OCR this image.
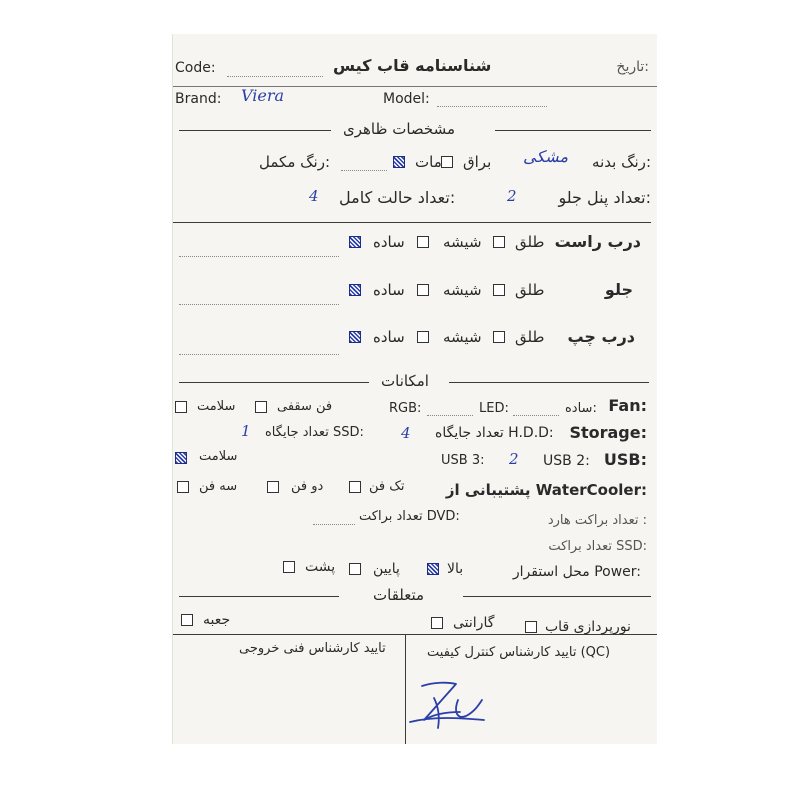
تاریخ:
شناسنامه قاب کیس
Code:
Brand: Viera	Model:
مشخصات ظاهری
رنگ بدنه:
مشکی
براق
مات
رنگ مکمل:
تعداد پنل جلو:
2
تعداد حالت کامل:
4
درب راست
طلق
شیشه
ساده
جلو
طلق
شیشه
ساده
درب چپ
طلق
شیشه
ساده
امکانات
Fan:
ساده:
LED:
RGB:
فن سقفی
سلامت
Storage:
تعداد جایگاه H.D.D:
4
تعداد جایگاه SSD:
1
USB:
USB 2:
2
USB 3:
سلامت
پشتیبانی از WaterCooler:
تک فن
دو فن
سه فن
تعداد براکت هارد :
تعداد براکت DVD:
تعداد براکت SSD:
محل استقرار Power:
بالا
پایین
پشت
متعلقات
نورپردازی قاب
گارانتی
جعبه
تایید کارشناس کنترل کیفیت (QC)
تایید کارشناس فنی خروجی
